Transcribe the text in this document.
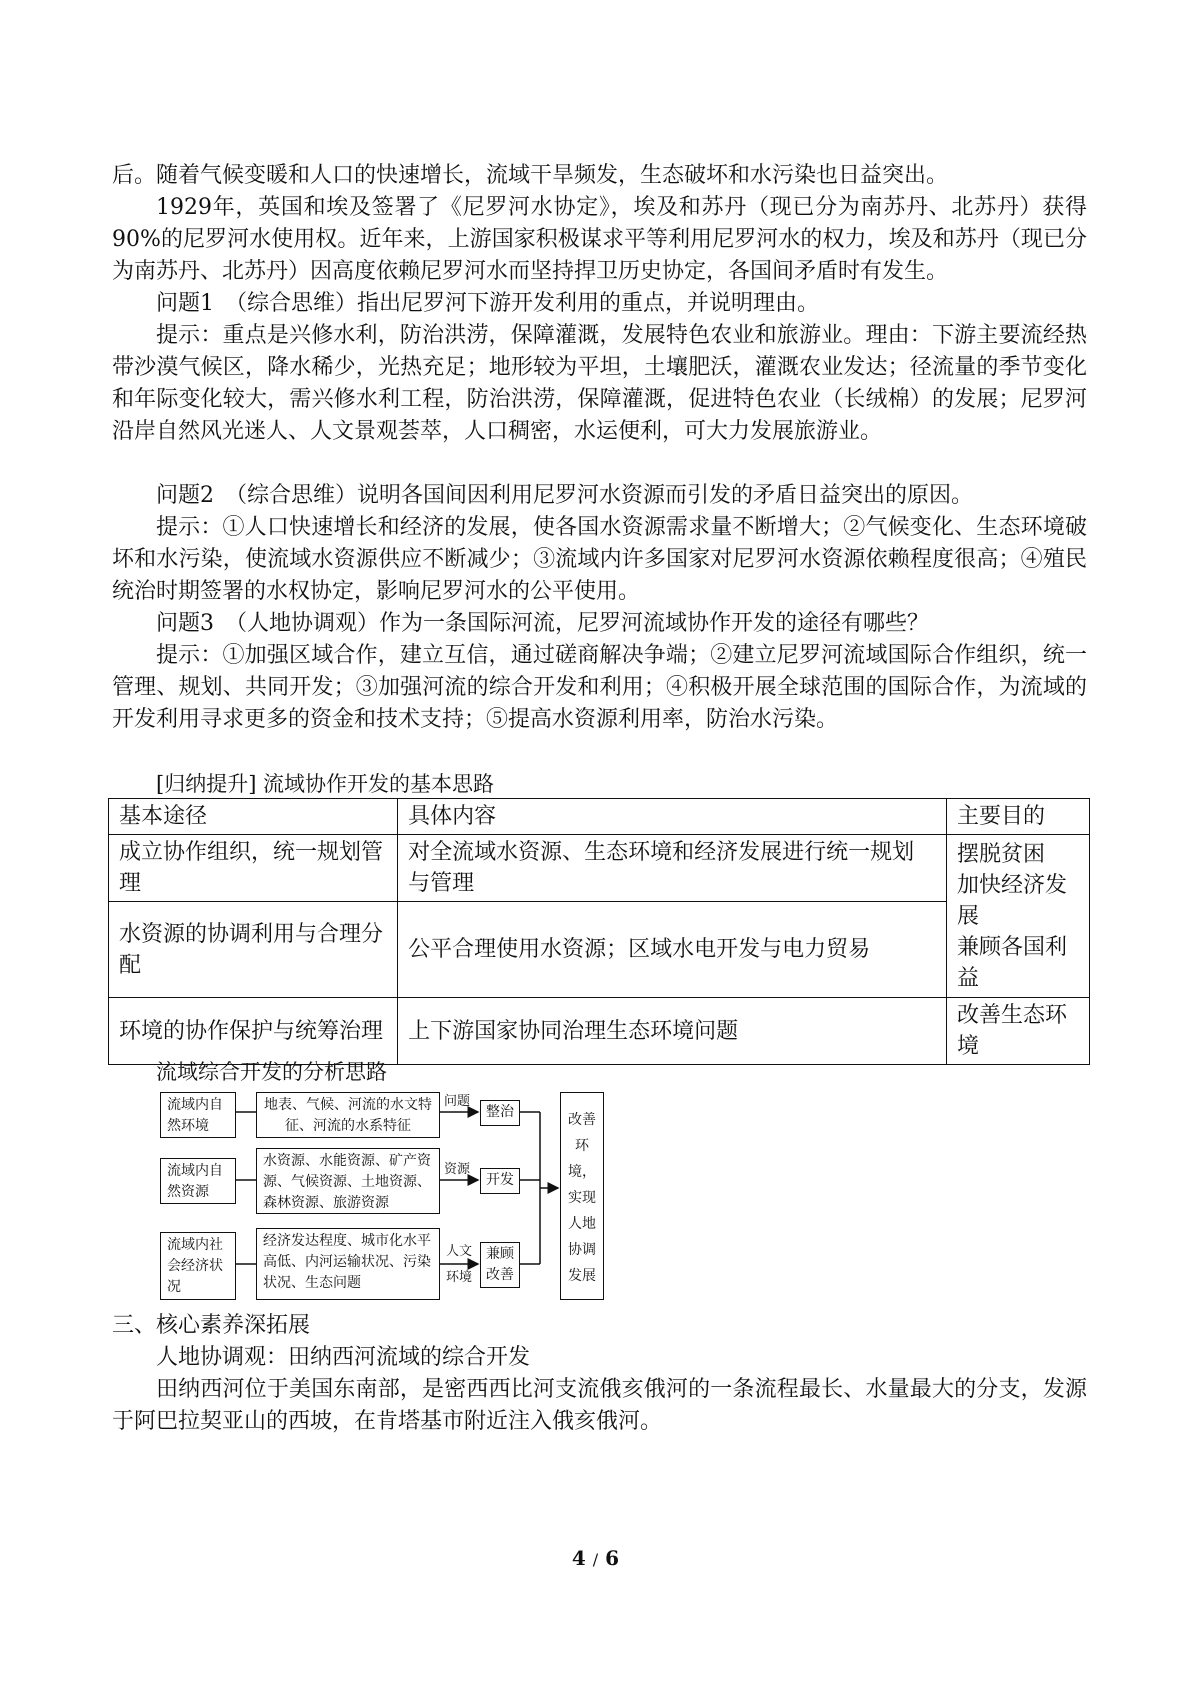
后。随着气候变暖和人口的快速增长，流域干旱频发，生态破坏和水污染也日益突出。

1929年，英国和埃及签署了《尼罗河水协定》，埃及和苏丹（现已分为南苏丹、北苏丹）获得90%的尼罗河水使用权。近年来，上游国家积极谋求平等利用尼罗河水的权力，埃及和苏丹（现已分为南苏丹、北苏丹）因高度依赖尼罗河水而坚持捍卫历史协定，各国间矛盾时有发生。

问题1　（综合思维）指出尼罗河下游开发利用的重点，并说明理由。

提示：重点是兴修水利，防治洪涝，保障灌溉，发展特色农业和旅游业。理由：下游主要流经热带沙漠气候区，降水稀少，光热充足；地形较为平坦，土壤肥沃，灌溉农业发达；径流量的季节变化和年际变化较大，需兴修水利工程，防治洪涝，保障灌溉，促进特色农业（长绒棉）的发展；尼罗河沿岸自然风光迷人、人文景观荟萃，人口稠密，水运便利，可大力发展旅游业。

问题2　（综合思维）说明各国间因利用尼罗河水资源而引发的矛盾日益突出的原因。

提示：①人口快速增长和经济的发展，使各国水资源需求量不断增大；②气候变化、生态环境破坏和水污染，使流域水资源供应不断减少；③流域内许多国家对尼罗河水资源依赖程度很高；④殖民统治时期签署的水权协定，影响尼罗河水的公平使用。

问题3　（人地协调观）作为一条国际河流，尼罗河流域协作开发的途径有哪些？

提示：①加强区域合作，建立互信，通过磋商解决争端；②建立尼罗河流域国际合作组织，统一管理、规划、共同开发；③加强河流的综合开发和利用；④积极开展全球范围的国际合作，为流域的开发利用寻求更多的资金和技术支持；⑤提高水资源利用率，防治水污染。

[归纳提升] 流域协作开发的基本思路
基本途径	具体内容	主要目的
成立协作组织，统一规划管理	对全流域水资源、生态环境和经济发展进行统一规划与管理	摆脱贫困
加快经济发展
兼顾各国利益
水资源的协调利用与合理分配	公平合理使用水资源；区域水电开发与电力贸易	
环境的协作保护与统筹治理	上下游国家协同治理生态环境问题	改善生态环境
流域综合开发的分析思路
流域内自然环境
流域内自然资源
流域内社会经济状况
地表、气候、河流的水文特征、河流的水系特征
水资源、水能资源、矿产资源、气候资源、土地资源、森林资源、旅游资源
经济发达程度、城市化水平高低、内河运输状况、污染状况、生态问题
问题
资源
人文
环境
整治
开发
兼顾改善
改善环境，实现人地协调发展

三、核心素养深拓展

人地协调观：田纳西河流域的综合开发

田纳西河位于美国东南部，是密西西比河支流俄亥俄河的一条流程最长、水量最大的分支，发源于阿巴拉契亚山的西坡，在肯塔基市附近注入俄亥俄河。

4 / 6
